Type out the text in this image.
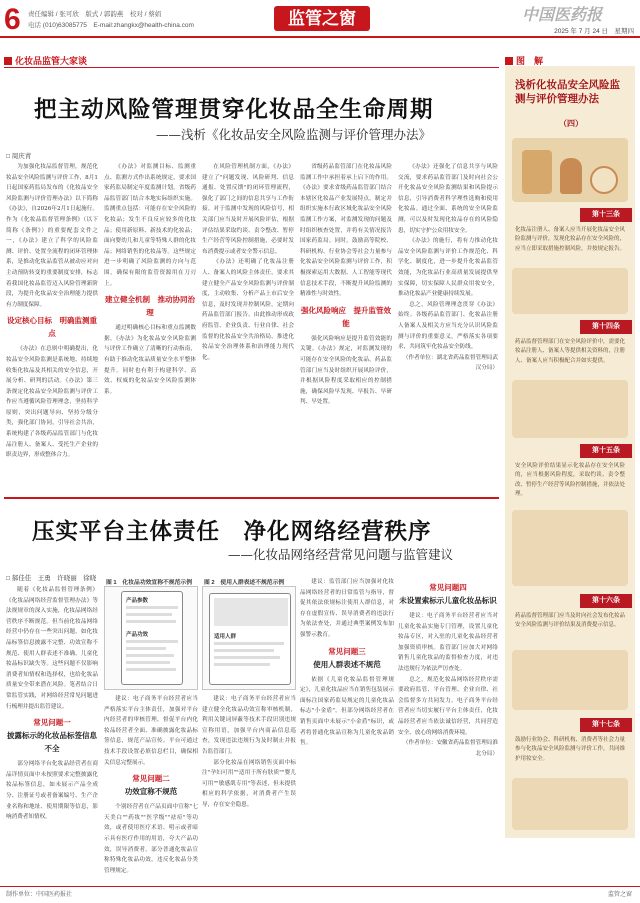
6 责任编辑 / 张可欣　版式 / 郭韵燕　校对 / 蔡娟
电话 (010)63085775　E-mail:zhangkx@health-china.com	监管之窗	中国医药报
2025 年 7 月 24 日　星期四
化妆品监管大家谈
把主动风险管理贯穿化妆品全生命周期
——浅析《化妆品安全风险监测与评价管理办法》
□ 周庆青

为加强化妆品监督管理，规范化妆品安全风险监测与评价工作，8月1日起国家药监局发布的《化妆品安全风险监测与评价管理办法》以下简称《办法》，自2026年2月1日起施行。作为《化妆品监督管理条例》（以下简称《条例》）的重要配套文件之一，《办法》建立了科学的风险监测、评价、处置全流程的闭环管理体系，是推动化妆品监管从被动应对向主动预防转变的重要制度安排，标志着我国化妆品监管迈入风险管理新阶段，为提升化妆品安全治理能力提供有力制度保障。

设定核心目标　明确监测重点

《办法》在总则中明确提出，化妆品安全风险监测是系统地、持续地收集化妆品及其相关的安全信息，开展分析、研判的活动。《办法》第三条规定化妆品安全风险监测与评价工作应当遵循风险管理理念，坚持科学原则，突出问题导向、坚持分级分类，强化部门协同，引导社会共治，系统构建了各级药品监管部门与化妆品注册人、备案人、受托生产企业的职责边界，形成整体合力。

《办法》对监测目标、监测重点、监测方式作出系统规定，要求国家药监局制定年度监测计划，省级药品监管部门结合本地实际组织实施。监测重点包括：可能存在安全风险的化妆品；发生不良反应较多的化妆品；使用新原料、新技术的化妆品；面向婴幼儿和儿童等特殊人群的化妆品；网络销售的化妆品等。这些规定进一步明确了风险监测的方向与范围，确保有限的监管资源用在刀刃上。

建立健全机制　推动协同治理

通过明确核心目标和重点监测数据，《办法》为化妆品安全风险监测与评价工作确立了清晰的行动指南，有助于推动化妆品质量安全水平整体提升。同时也有利于构建科学、高效、权威的化妆品安全风险监测体系。

在风险管理机制方面，《办法》建立了"问题发现、风险研判、信息通报、处置反馈"的闭环管理流程，强化了部门之间的信息共享与工作衔接。对于监测中发现的风险信号，相关部门应当及时开展风险评估，根据评估结果采取约谈、责令整改、暂停生产经营等风险控制措施，必要时发布消费提示或者安全警示信息。

《办法》还明确了化妆品注册人、备案人的风险主体责任，要求其建立健全产品安全风险监测与评价制度，主动收集、分析产品上市后安全信息，及时发现并控制风险，定期向药品监管部门报告。由此推动形成政府监管、企业负责、行业自律、社会监督的化妆品安全共治格局，推进化妆品安全治理体系和治理能力现代化。

省级药品监管部门在化妆品风险监测工作中承担着承上启下的作用。《办法》要求省级药品监管部门结合本辖区化妆品产业发展特点，制定并组织实施本行政区域化妆品安全风险监测工作方案，对监测发现的问题及时组织核查处置，并将有关情况报告国家药监局。同时，鼓励高等院校、科研机构、行业协会等社会力量参与化妆品安全风险监测与评价工作，积极探索运用大数据、人工智能等现代信息技术手段，不断提升风险监测的精准性与时效性。

强化风险响应　提升监管效能

强化风险响应是提升监管效能的关键。《办法》规定，对监测发现的可能存在安全风险的化妆品，药品监管部门应当及时组织开展风险评价，并根据风险程度采取相应的控制措施，确保风险早发现、早报告、早研判、早处置。

《办法》还强化了信息共享与风险交流，要求药品监管部门及时向社会公开化妆品安全风险监测结果和风险提示信息，引导消费者科学理性选购和使用化妆品。通过全面、系统的安全风险监测，可以及时发现化妆品存在的风险隐患，切实守护公众用妆安全。

《办法》的施行，将有力推动化妆品安全风险监测与评价工作规范化、科学化、制度化，进一步提升化妆品监管效能，为化妆品行业高质量发展提供坚实保障，切实保障人民群众用妆安全，推动化妆品产业健康持续发展。

总之，风险管理理念贯穿《办法》始终。各级药品监管部门、化妆品注册人备案人及相关方应当充分认识风险监测与评价的重要意义，严格落实各项要求，共同筑牢化妆品安全防线。

（作者单位：湖北省药品监督管理局武汉分局）

压实平台主体责任　净化网络经营秩序
——化妆品网络经营常见问题与监管建议
□ 郝佳佳　王勇　许晓丽　徐晓

随着《化妆品监督管理条例》《化妆品网络经营监督管理办法》等法规规章的深入实施，化妆品网络经营秩序不断规范。但当前化妆品网络经营中仍存在一些突出问题，如化妆品标签信息披露不完整、功效宣称不规范、使用人群表述不准确、儿童化妆品标识缺失等。这些问题不仅影响消费者知情权和选择权，也给化妆品质量安全带来潜在风险。笔者结合日常监管实践，对网络经营常见问题进行梳理并提出监管建议。

常见问题一
披露标示的化妆品标签信息不全

部分网络平台化妆品经营者在商品详情页面中未按照要求完整披露化妆品标签信息，如未展示产品全成分、注册证号或者备案编号、生产企业名称和地址、使用期限等信息，影响消费者知情权。

图 1　化妆品功效宣称不规范示例
产品参数
产品功效
图 2　使用人群表述不规范示例
适用人群

建议：电子商务平台经营者应当严格落实平台主体责任，加强对平台内经营者的审核管理，督促平台内化妆品经营者全面、准确披露化妆品标签信息，规范产品宣传。平台可通过技术手段设置必填信息栏目，确保相关信息完整展示。

常见问题二
功效宣称不规范

个别经营者在产品页面中宣称"七天美白""药妆""医学级""祛痘"等功效，或者使用医疗术语、明示或者暗示具有医疗作用的用语，夸大产品功效，误导消费者。部分普通化妆品宣称特殊化妆品功效，违反化妆品分类管理规定。

建议：电子商务平台经营者应当建立健全化妆品功效宣称审核机制，利用关键词屏蔽等技术手段识别违规宣称用语，加强平台内商品信息巡查，发现违法违规行为及时制止并报告监管部门。

部分化妆品在网络销售页面中标注"孕妇可用""适用于所有肤质""婴儿可用""敏感肌专用"等表述，但未提供相应的科学依据，对消费者产生误导，存在安全隐患。

建议：监管部门应当加强对化妆品网络经营者的日常监管与指导，督促其依法依规标注使用人群信息，对存在虚假宣传、误导消费者的违法行为依法查处，并通过典型案例发布加强警示教育。

常见问题三
使用人群表述不规范

依据《儿童化妆品监督管理规定》，儿童化妆品应当在销售包装展示面标注国家药监局规定的儿童化妆品标志"小金盾"。但部分网络经营者在销售页面中未展示"小金盾"标识，或者将普通化妆品宣称为儿童化妆品销售。

常见问题四
未设置索标示儿童化妆品标识

建议：电子商务平台经营者应当对儿童化妆品实施专门管理，设置儿童化妆品专区，对入驻的儿童化妆品经营者加强资质审核。监管部门应加大对网络销售儿童化妆品的监督检查力度，对违法违规行为依法严厉查处。

总之，规范化妆品网络经营秩序需要政府监管、平台管理、企业自律、社会监督多方共同发力。电子商务平台经营者应当切实履行平台主体责任，化妆品经营者应当依法诚信经营，共同营造安全、放心的网络消费环境。

（作者单位：安徽省药品监督管理局淮北分局）

图　解
浅析化妆品安全风险监测与评价管理办法
（四）
第十三条
化妆品注册人、备案人应当开展化妆品安全风险监测与评价，发现化妆品存在安全风险的，应当立即采取措施控制风险，并按规定报告。
第十四条
药品监督管理部门在安全风险评价中，需要化妆品注册人、备案人等提供相关资料的，注册人、备案人应当积极配合并如实提供。
第十五条
安全风险评价结果显示化妆品存在安全风险的，应当根据风险程度，采取约谈、责令整改、暂停生产经营等风险控制措施，并依法处理。
第十六条
药品监督管理部门应当及时向社会发布化妆品安全风险监测与评价结果及消费提示信息。
第十七条
鼓励行业协会、科研机构、消费者等社会力量参与化妆品安全风险监测与评价工作，共同维护用妆安全。
制作单位：中国医药报社	监管之窗
